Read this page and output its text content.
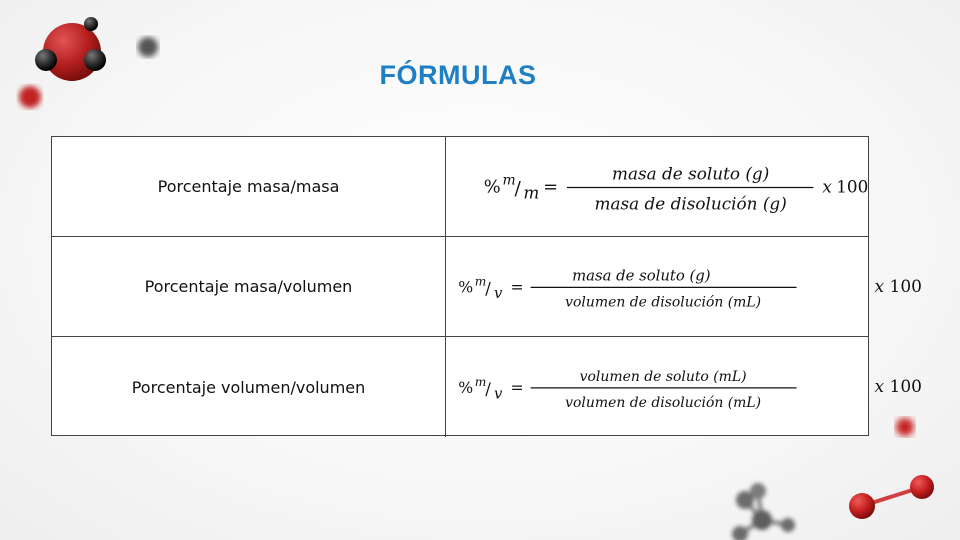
FÓRMULAS
Porcentaje masa/masa	% m
/ m =
masa de soluto (g)
masa de disolución (g)
x 100
Porcentaje masa/volumen	% m
/ v =
masa de soluto (g)
volumen de disolución (mL)
x 100
Porcentaje volumen/volumen	% m
/ v =
volumen de soluto (mL)
volumen de disolución (mL)
x 100
